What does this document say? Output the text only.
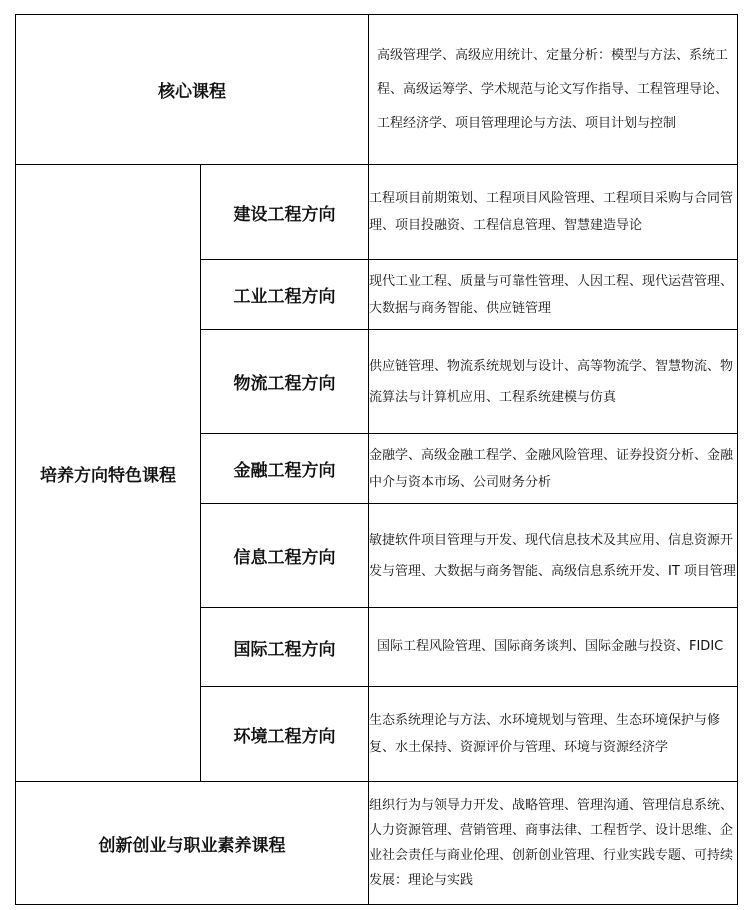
核心课程		高级管理学、高级应用统计、定量分析：模型与方法、系统工程、高级运筹学、学术规范与论文写作指导、工程管理导论、工程经济学、项目管理理论与方法、项目计划与控制
培养方向特色课程	建设工程方向	工程项目前期策划、工程项目风险管理、工程项目采购与合同管理、项目投融资、工程信息管理、智慧建造导论
	工业工程方向	现代工业工程、质量与可靠性管理、人因工程、现代运营管理、大数据与商务智能、供应链管理
	物流工程方向	供应链管理、物流系统规划与设计、高等物流学、智慧物流、物流算法与计算机应用、工程系统建模与仿真
	金融工程方向	金融学、高级金融工程学、金融风险管理、证券投资分析、金融中介与资本市场、公司财务分析
	信息工程方向	敏捷软件项目管理与开发、现代信息技术及其应用、信息资源开发与管理、大数据与商务智能、高级信息系统开发、IT 项目管理
	国际工程方向	国际工程风险管理、国际商务谈判、国际金融与投资、FIDIC
	环境工程方向	生态系统理论与方法、水环境规划与管理、生态环境保护与修复、水土保持、资源评价与管理、环境与资源经济学
创新创业与职业素养课程		组织行为与领导力开发、战略管理、管理沟通、管理信息系统、人力资源管理、营销管理、商事法律、工程哲学、设计思维、企业社会责任与商业伦理、创新创业管理、行业实践专题、可持续发展：理论与实践
